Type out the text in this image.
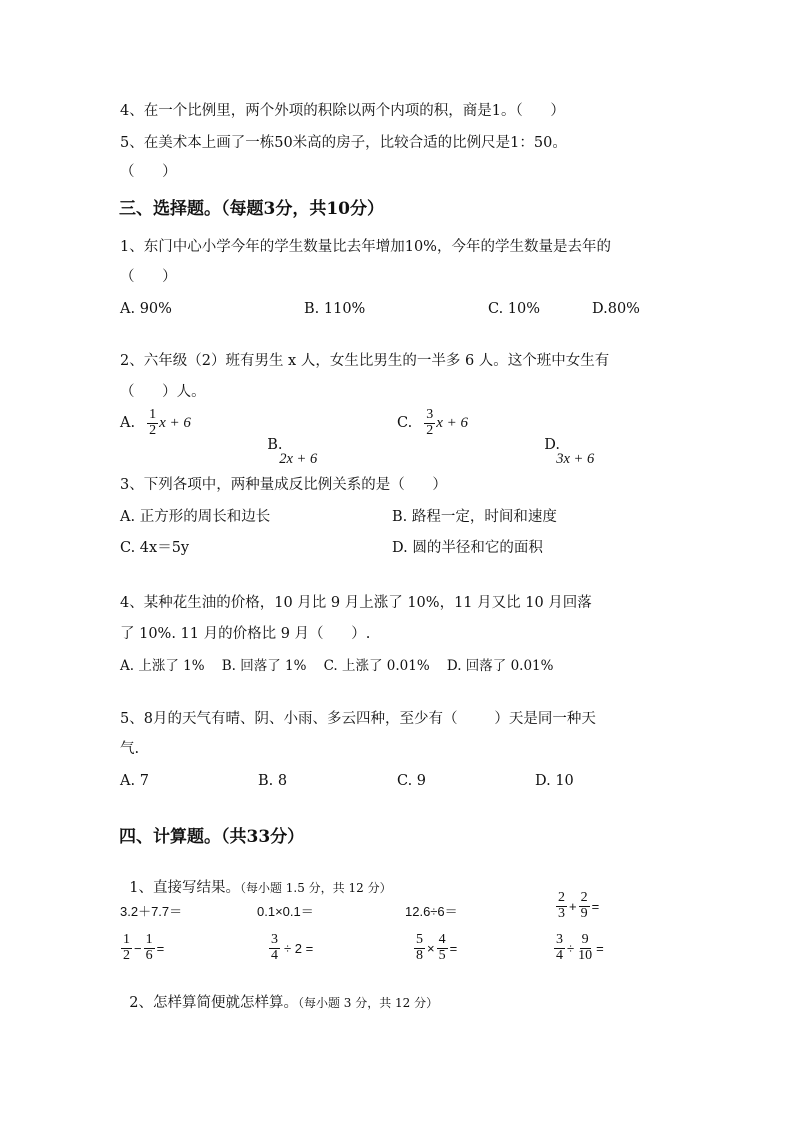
4、在一个比例里，两个外项的积除以两个内项的积，商是1。（      ）
5、在美术本上画了一栋50米高的房子，比较合适的比例尺是1：50。
（      ）
三、选择题。（每题3分，共10分）
1、东门中心小学今年的学生数量比去年增加10%，今年的学生数量是去年的
（      ）
A. 90%	B. 110%	C. 10%	D.80%
2、六年级（2）班有男生 x 人，女生比男生的一半多 6 人。这个班中女生有
（      ）人。
A. $\frac{1}{2}$ x + 6

B.
2x + 6

C. $\frac{3}{2}$ x + 6

D.
3x + 6

3、下列各项中，两种量成反比例关系的是（      ）
A. 正方形的周长和边长	B. 路程一定，时间和速度
C. 4x＝5y	D. 圆的半径和它的面积
4、某种花生油的价格，10 月比 9 月上涨了 10%，11 月又比 10 月回落
了 10%. 11 月的价格比 9 月（      ）.
A. 上涨了 1%    B. 回落了 1%    C. 上涨了 0.01%    D. 回落了 0.01%
5、8月的天气有晴、阴、小雨、多云四种，至少有（        ）天是同一种天
气.
A. 7	B. 8	C. 9	D. 10
四、计算题。（共33分）

1、直接写结果。（每小题 1.5 分，共 12 分）

3.2＋7.7＝	0.1×0.1＝	12.6÷6＝	$\frac{2}{3} + \frac{2}{9}$ =
$\frac{1}{2} - \frac{1}{6}$ =	$\frac{3}{4} \div 2$ =	$\frac{5}{8} \times \frac{4}{5}$ =	$\frac{3}{4} \div \frac{9}{10}$ =

2、怎样算简便就怎样算。（每小题 3 分，共 12 分）
